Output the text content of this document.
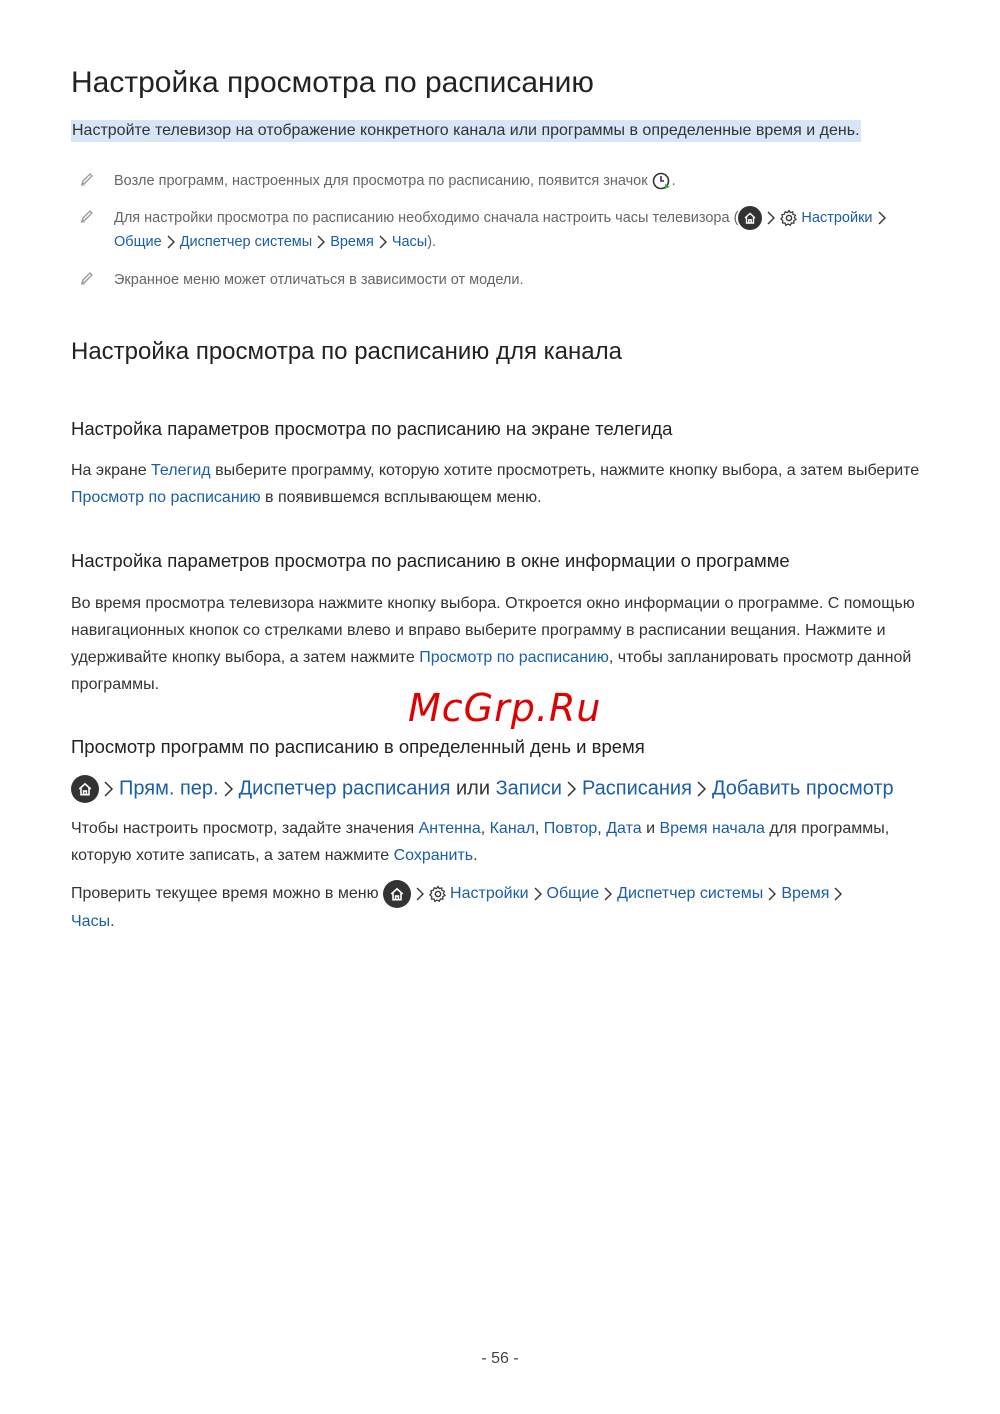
Настройка просмотра по расписанию
Настройте телевизор на отображение конкретного канала или программы в определенные время и день.
Возле программ, настроенных для просмотра по расписанию, появится значок .
Для настройки просмотра по расписанию необходимо сначала настроить часы телевизора (	Настройки
Общие Диспетчер системы Время Часы).
Экранное меню может отличаться в зависимости от модели.
Настройка просмотра по расписанию для канала
Настройка параметров просмотра по расписанию на экране телегида
На экране Телегид выберите программу, которую хотите просмотреть, нажмите кнопку выбора, а затем выберите Просмотр по расписанию в появившемся всплывающем меню.
Настройка параметров просмотра по расписанию в окне информации о программе
Во время просмотра телевизора нажмите кнопку выбора. Откроется окно информации о программе. С помощью навигационных кнопок со стрелками влево и вправо выберите программу в расписании вещания. Нажмите и удерживайте кнопку выбора, а затем нажмите Просмотр по расписанию, чтобы запланировать просмотр данной программы.
McGrp.Ru
Просмотр программ по расписанию в определенный день и время
Прям. пер. Диспетчер расписания или Записи Расписания Добавить просмотр
Чтобы настроить просмотр, задайте значения Антенна, Канал, Повтор, Дата и Время начала для программы, которую хотите записать, а затем нажмите Сохранить.
Проверить текущее время можно в меню	Настройки Общие Диспетчер системы Время
Часы.
- 56 -
